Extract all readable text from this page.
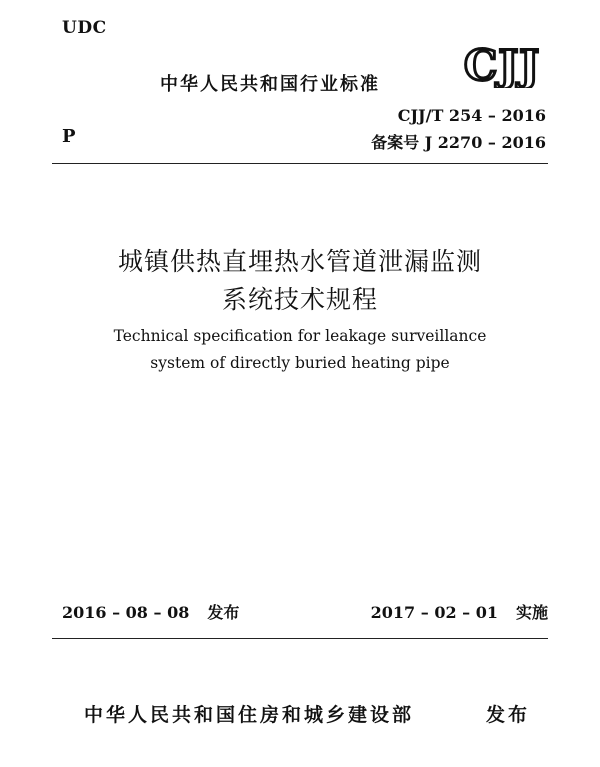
UDC
中华人民共和国行业标准 CJJ
CJJ/T 254 – 2016
P	备案号 J 2270 – 2016
城镇供热直埋热水管道泄漏监测
系统技术规程
Technical specification for leakage surveillance
system of directly buried heating pipe
2016 – 08 – 08 发布	2017 – 02 – 01 实施
中华人民共和国住房和城乡建设部	发布
